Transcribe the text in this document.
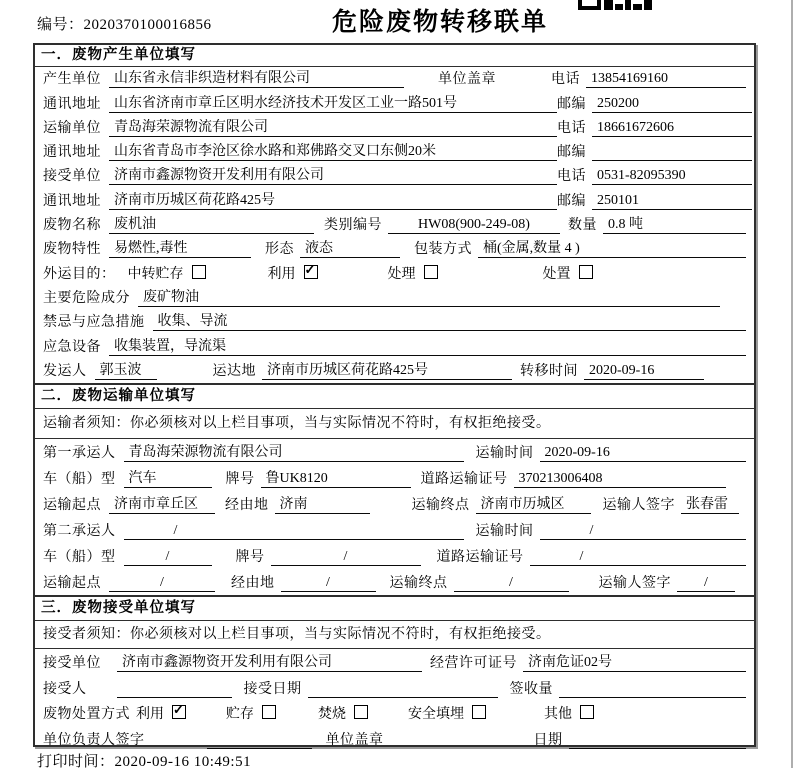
编号：2020370100016856	危险废物转移联单
一．废物产生单位填写
产生单位 山东省永信非织造材料有限公司	单位盖章	电话 13854169160
通讯地址 山东省济南市章丘区明水经济技术开发区工业一路501号	邮编 250200
运输单位 青岛海荣源物流有限公司	电话 18661672606
通讯地址 山东省青岛市李沧区徐水路和郑佛路交叉口东侧20米	邮编
接受单位 济南市鑫源物资开发利用有限公司	电话 0531-82095390
通讯地址 济南市历城区荷花路425号	邮编 250101
废物名称 废机油	类别编号	HW08(900-249-08)	数量 0.8 吨
废物特性 易燃性,毒性	形态 液态	包装方式 桶(金属,数量 4 )
外运目的： 中转贮存	利用 ✓	处理	处置
主要危险成分 废矿物油
禁忌与应急措施 收集、导流
应急设备 收集装置，导流渠
发运人 郭玉波	运达地 济南市历城区荷花路425号	转移时间 2020-09-16
二．废物运输单位填写
运输者须知：你必须核对以上栏目事项，当与实际情况不符时，有权拒绝接受。
第一承运人 青岛海荣源物流有限公司	运输时间 2020-09-16
车（船）型 汽车	牌号 鲁UK8120	道路运输证号 370213006408
运输起点 济南市章丘区	经由地 济南	运输终点 济南市历城区	运输人签字 张春雷
第二承运人	/	运输时间	/
车（船）型	/	牌号	/	道路运输证号	/
运输起点	/	经由地	/	运输终点	/	运输人签字	/
三．废物接受单位填写
接受者须知：你必须核对以上栏目事项，当与实际情况不符时，有权拒绝接受。
接受单位	济南市鑫源物资开发利用有限公司	经营许可证号 济南危证02号
接受人	接受日期	签收量
废物处置方式 利用 ✓	贮存	焚烧	安全填埋	其他
单位负责人签字	单位盖章	日期
打印时间：2020-09-16 10:49:51
